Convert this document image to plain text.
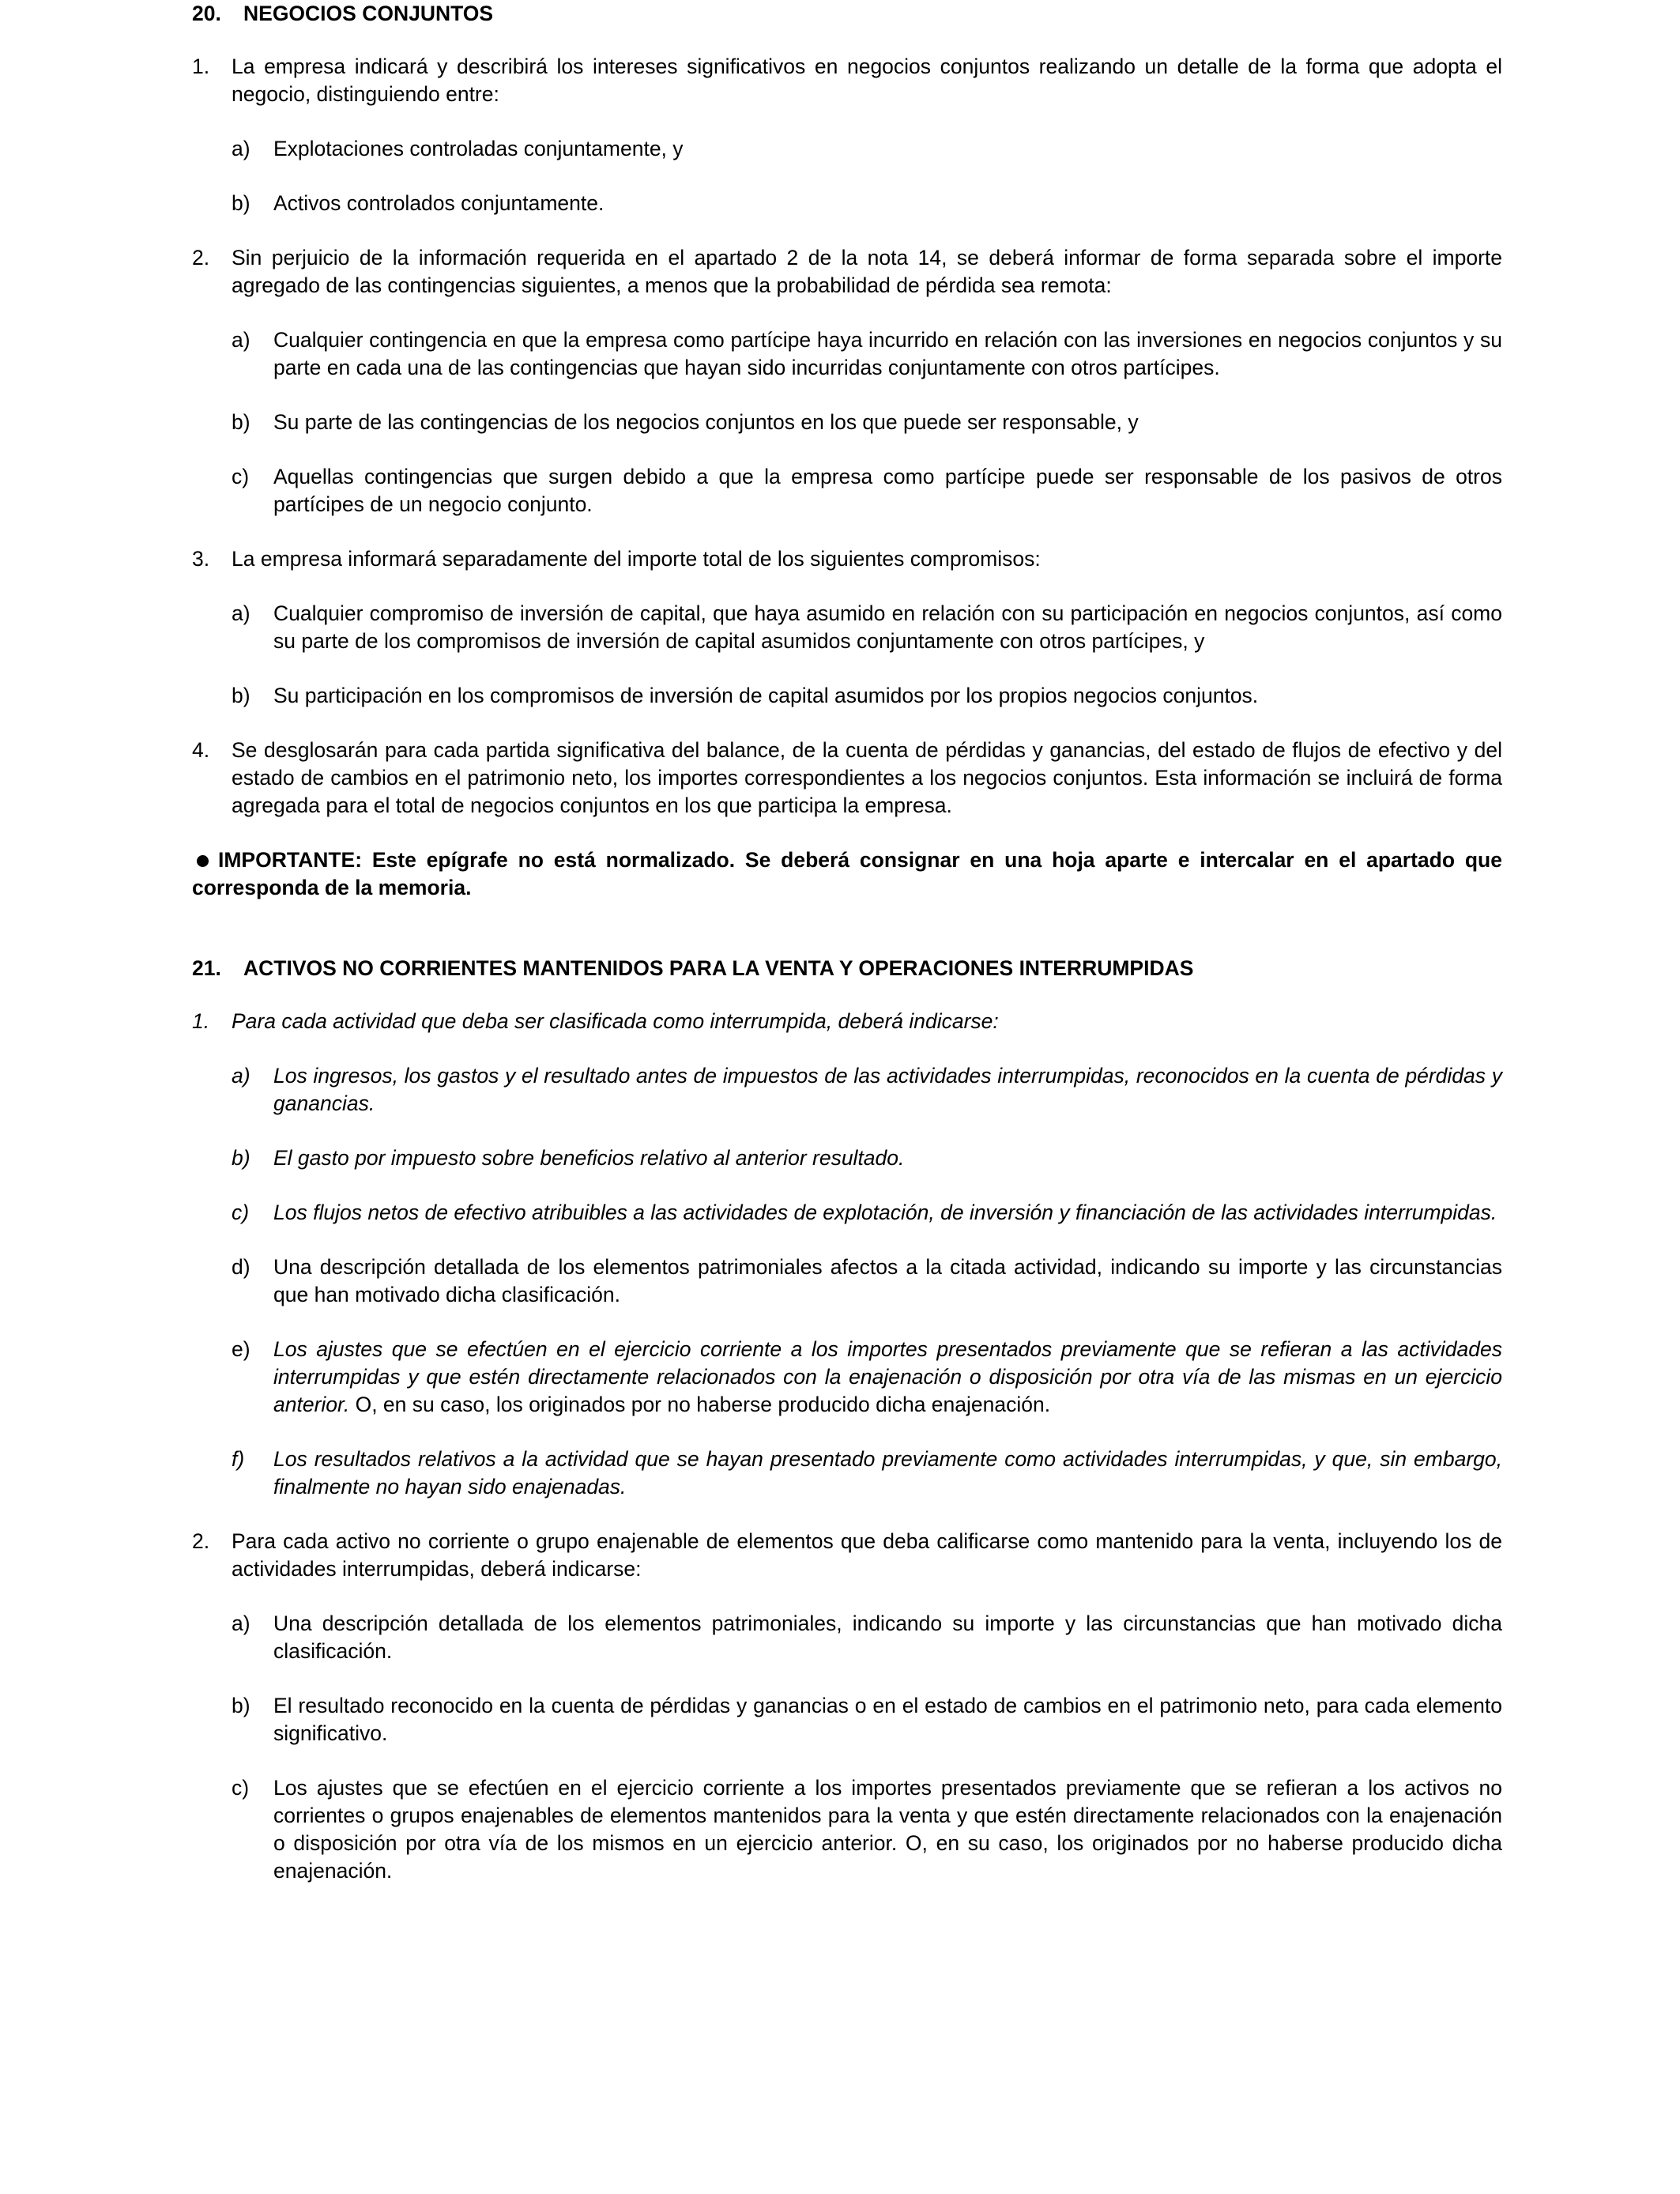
20.	NEGOCIOS CONJUNTOS
1.	La empresa indicará y describirá los intereses significativos en negocios conjuntos realizando un detalle de la forma que adopta el negocio, distinguiendo entre:
a)	Explotaciones controladas conjuntamente, y
b)	Activos controlados conjuntamente.
2.	Sin perjuicio de la información requerida en el apartado 2 de la nota 14, se deberá informar de forma separada sobre el importe agregado de las contingencias siguientes, a menos que la probabilidad de pérdida sea remota:
a)	Cualquier contingencia en que la empresa como partícipe haya incurrido en relación con las inversiones en negocios conjuntos y su parte en cada una de las contingencias que hayan sido incurridas conjuntamente con otros partícipes.
b)	Su parte de las contingencias de los negocios conjuntos en los que puede ser responsable, y
c)	Aquellas contingencias que surgen debido a que la empresa como partícipe puede ser responsable de los pasivos de otros partícipes de un negocio conjunto.
3.	La empresa informará separadamente del importe total de los siguientes compromisos:
a)	Cualquier compromiso de inversión de capital, que haya asumido en relación con su participación en negocios conjuntos, así como su parte de los compromisos de inversión de capital asumidos conjuntamente con otros partícipes, y
b)	Su participación en los compromisos de inversión de capital asumidos por los propios negocios conjuntos.
4.	Se desglosarán para cada partida significativa del balance, de la cuenta de pérdidas y ganancias, del estado de flujos de efectivo y del estado de cambios en el patrimonio neto, los importes correspondientes a los negocios conjuntos. Esta información se incluirá de forma agregada para el total de negocios conjuntos en los que participa la empresa.
IMPORTANTE: Este epígrafe no está normalizado. Se deberá consignar en una hoja aparte e intercalar en el apartado que corresponda de la memoria.
21.	ACTIVOS NO CORRIENTES MANTENIDOS PARA LA VENTA Y OPERACIONES INTERRUMPIDAS
1.	Para cada actividad que deba ser clasificada como interrumpida, deberá indicarse:
a)	Los ingresos, los gastos y el resultado antes de impuestos de las actividades interrumpidas, reconocidos en la cuenta de pérdidas y ganancias.
b)	El gasto por impuesto sobre beneficios relativo al anterior resultado.
c)	Los flujos netos de efectivo atribuibles a las actividades de explotación, de inversión y financiación de las actividades interrumpidas.
d)	Una descripción detallada de los elementos patrimoniales afectos a la citada actividad, indicando su importe y las circunstancias que han motivado dicha clasificación.
e)	Los ajustes que se efectúen en el ejercicio corriente a los importes presentados previamente que se refieran a las actividades interrumpidas y que estén directamente relacionados con la enajenación o disposición por otra vía de las mismas en un ejercicio anterior. O, en su caso, los originados por no haberse producido dicha enajenación.
f)	Los resultados relativos a la actividad que se hayan presentado previamente como actividades interrumpidas, y que, sin embargo, finalmente no hayan sido enajenadas.
2.	Para cada activo no corriente o grupo enajenable de elementos que deba calificarse como mantenido para la venta, incluyendo los de actividades interrumpidas, deberá indicarse:
a)	Una descripción detallada de los elementos patrimoniales, indicando su importe y las circunstancias que han motivado dicha clasificación.
b)	El resultado reconocido en la cuenta de pérdidas y ganancias o en el estado de cambios en el patrimonio neto, para cada elemento significativo.
c)	Los ajustes que se efectúen en el ejercicio corriente a los importes presentados previamente que se refieran a los activos no corrientes o grupos enajenables de elementos mantenidos para la venta y que estén directamente relacionados con la enajenación o disposición por otra vía de los mismos en un ejercicio anterior. O, en su caso, los originados por no haberse producido dicha enajenación.
